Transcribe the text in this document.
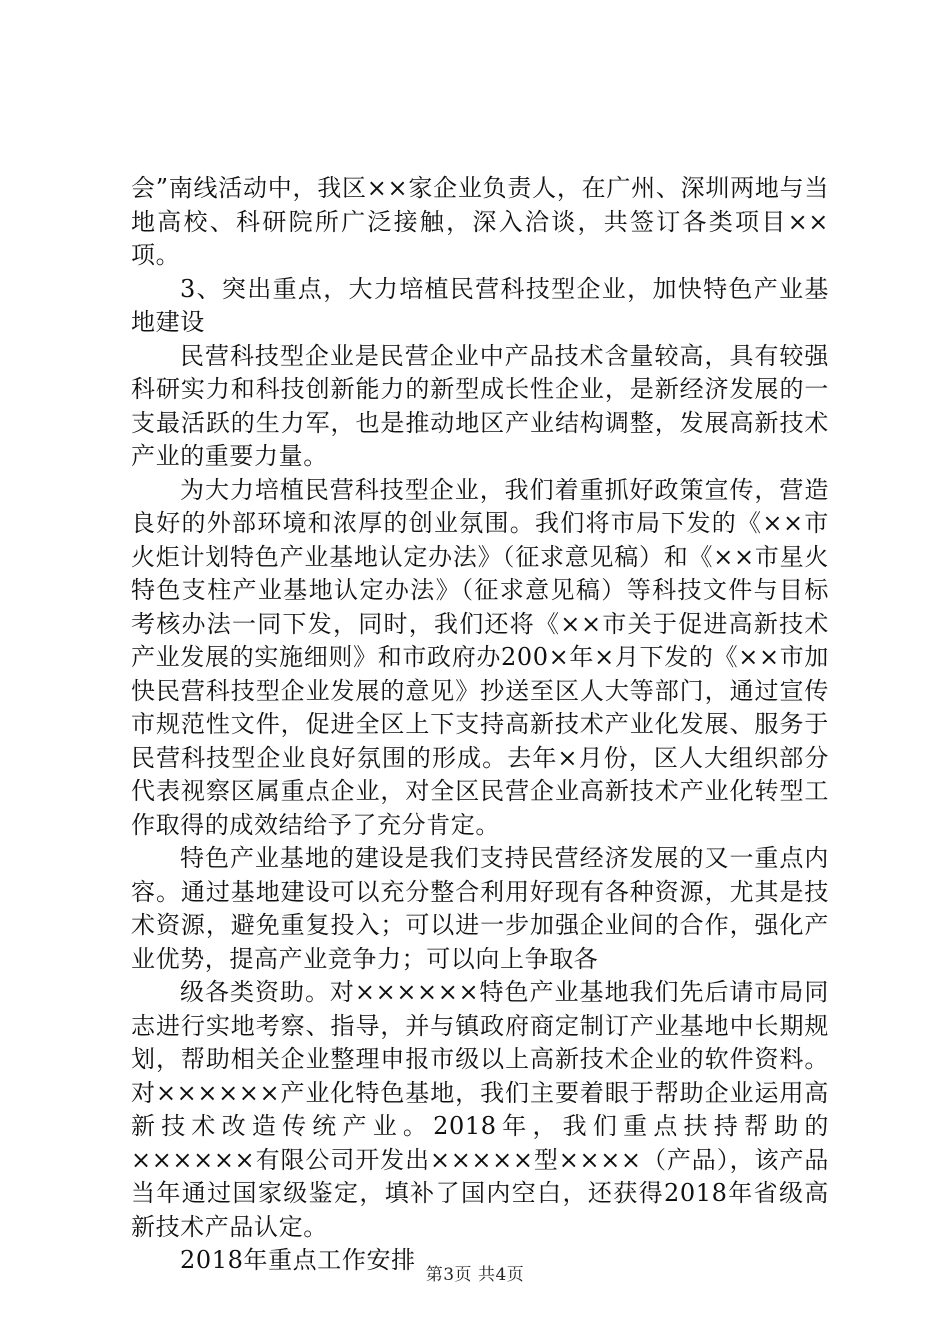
会”南线活动中，我区××家企业负责人，在广州、深圳两地与当地高校、科研院所广泛接触，深入洽谈，共签订各类项目××项。

3、突出重点，大力培植民营科技型企业，加快特色产业基地建设

民营科技型企业是民营企业中产品技术含量较高，具有较强科研实力和科技创新能力的新型成长性企业，是新经济发展的一支最活跃的生力军，也是推动地区产业结构调整，发展高新技术产业的重要力量。

为大力培植民营科技型企业，我们着重抓好政策宣传，营造良好的外部环境和浓厚的创业氛围。我们将市局下发的《××市火炬计划特色产业基地认定办法》（征求意见稿）和《××市星火特色支柱产业基地认定办法》（征求意见稿）等科技文件与目标考核办法一同下发，同时，我们还将《××市关于促进高新技术产业发展的实施细则》和市政府办200×年×月下发的《××市加快民营科技型企业发展的意见》抄送至区人大等部门，通过宣传市规范性文件，促进全区上下支持高新技术产业化发展、服务于民营科技型企业良好氛围的形成。去年×月份，区人大组织部分代表视察区属重点企业，对全区民营企业高新技术产业化转型工作取得的成效结给予了充分肯定。

特色产业基地的建设是我们支持民营经济发展的又一重点内容。通过基地建设可以充分整合利用好现有各种资源，尤其是技术资源，避免重复投入；可以进一步加强企业间的合作，强化产业优势，提高产业竞争力；可以向上争取各

级各类资助。对××××××特色产业基地我们先后请市局同志进行实地考察、指导，并与镇政府商定制订产业基地中长期规划，帮助相关企业整理申报市级以上高新技术企业的软件资料。对××××××产业化特色基地，我们主要着眼于帮助企业运用高新技术改造传统产业。2018年，我们重点扶持帮助的××××××有限公司开发出×××××型××××（产品），该产品当年通过国家级鉴定，填补了国内空白，还获得2018年省级高新技术产品认定。

2018年重点工作安排

第3页 共4页
